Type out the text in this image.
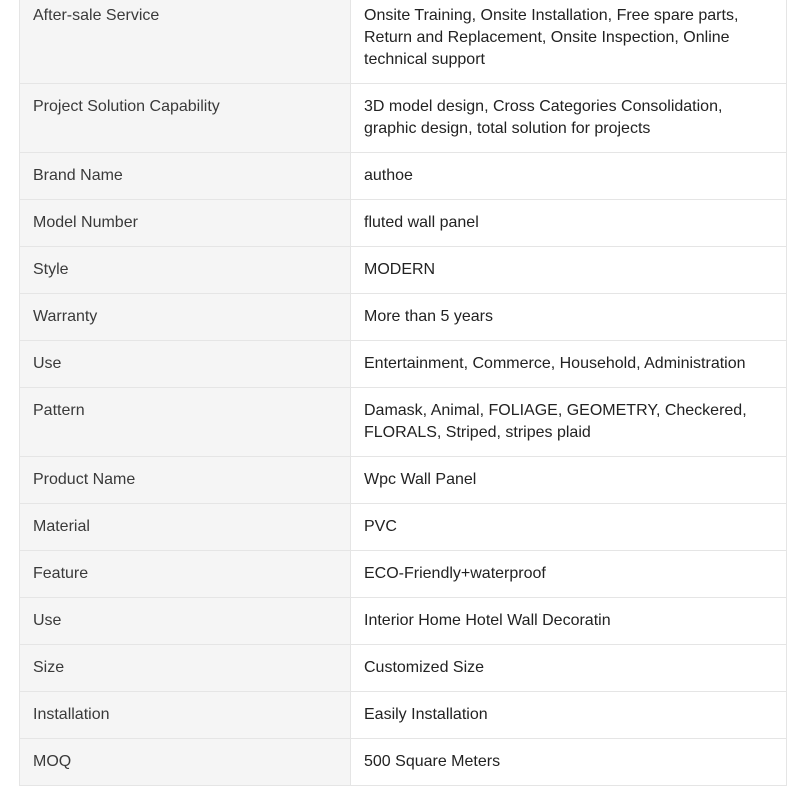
After-sale Service	Onsite Training, Onsite Installation, Free spare parts, Return and Replacement, Onsite Inspection, Online technical support
Project Solution Capability	3D model design, Cross Categories Consolidation, graphic design, total solution for projects
Brand Name	authoe
Model Number	fluted wall panel
Style	MODERN
Warranty	More than 5 years
Use	Entertainment, Commerce, Household, Administration
Pattern	Damask, Animal, FOLIAGE, GEOMETRY, Checkered, FLORALS, Striped, stripes plaid
Product Name	Wpc Wall Panel
Material	PVC
Feature	ECO-Friendly+waterproof
Use	Interior Home Hotel Wall Decoratin
Size	Customized Size
Installation	Easily Installation
MOQ	500 Square Meters
